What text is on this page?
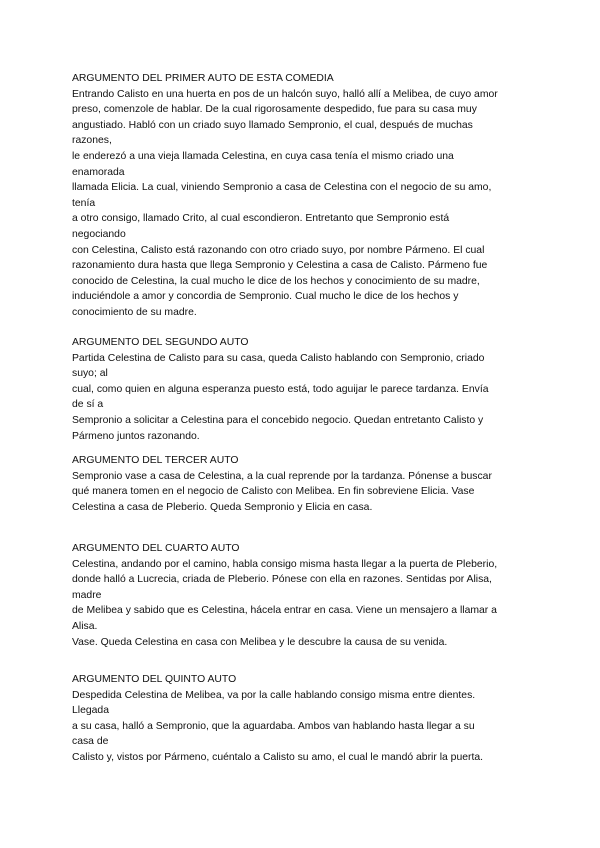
ARGUMENTO DEL PRIMER AUTO DE ESTA COMEDIA
Entrando Calisto en una huerta en pos de un halcón suyo, halló allí a Melibea, de cuyo amor
preso, comenzole de hablar. De la cual rigorosamente despedido, fue para su casa muy
angustiado. Habló con un criado suyo llamado Sempronio, el cual, después de muchas
razones,
le enderezó a una vieja llamada Celestina, en cuya casa tenía el mismo criado una
enamorada
llamada Elicia. La cual, viniendo Sempronio a casa de Celestina con el negocio de su amo,
tenía
a otro consigo, llamado Crito, al cual escondieron. Entretanto que Sempronio está
negociando
con Celestina, Calisto está razonando con otro criado suyo, por nombre Pármeno. El cual
razonamiento dura hasta que llega Sempronio y Celestina a casa de Calisto. Pármeno fue
conocido de Celestina, la cual mucho le dice de los hechos y conocimiento de su madre,
induciéndole a amor y concordia de Sempronio. Cual mucho le dice de los hechos y
conocimiento de su madre.
ARGUMENTO DEL SEGUNDO AUTO
Partida Celestina de Calisto para su casa, queda Calisto hablando con Sempronio, criado
suyo; al
cual, como quien en alguna esperanza puesto está, todo aguijar le parece tardanza. Envía
de sí a
Sempronio a solicitar a Celestina para el concebido negocio. Quedan entretanto Calisto y
Pármeno juntos razonando.
ARGUMENTO DEL TERCER AUTO
Sempronio vase a casa de Celestina, a la cual reprende por la tardanza. Pónense a buscar
qué manera tomen en el negocio de Calisto con Melibea. En fin sobreviene Elicia. Vase
Celestina a casa de Pleberio. Queda Sempronio y Elicia en casa.
ARGUMENTO DEL CUARTO AUTO
Celestina, andando por el camino, habla consigo misma hasta llegar a la puerta de Pleberio,
donde halló a Lucrecia, criada de Pleberio. Pónese con ella en razones. Sentidas por Alisa,
madre
de Melibea y sabido que es Celestina, hácela entrar en casa. Viene un mensajero a llamar a
Alisa.
Vase. Queda Celestina en casa con Melibea y le descubre la causa de su venida.
ARGUMENTO DEL QUINTO AUTO
Despedida Celestina de Melibea, va por la calle hablando consigo misma entre dientes.
Llegada
a su casa, halló a Sempronio, que la aguardaba. Ambos van hablando hasta llegar a su
casa de
Calisto y, vistos por Pármeno, cuéntalo a Calisto su amo, el cual le mandó abrir la puerta.
